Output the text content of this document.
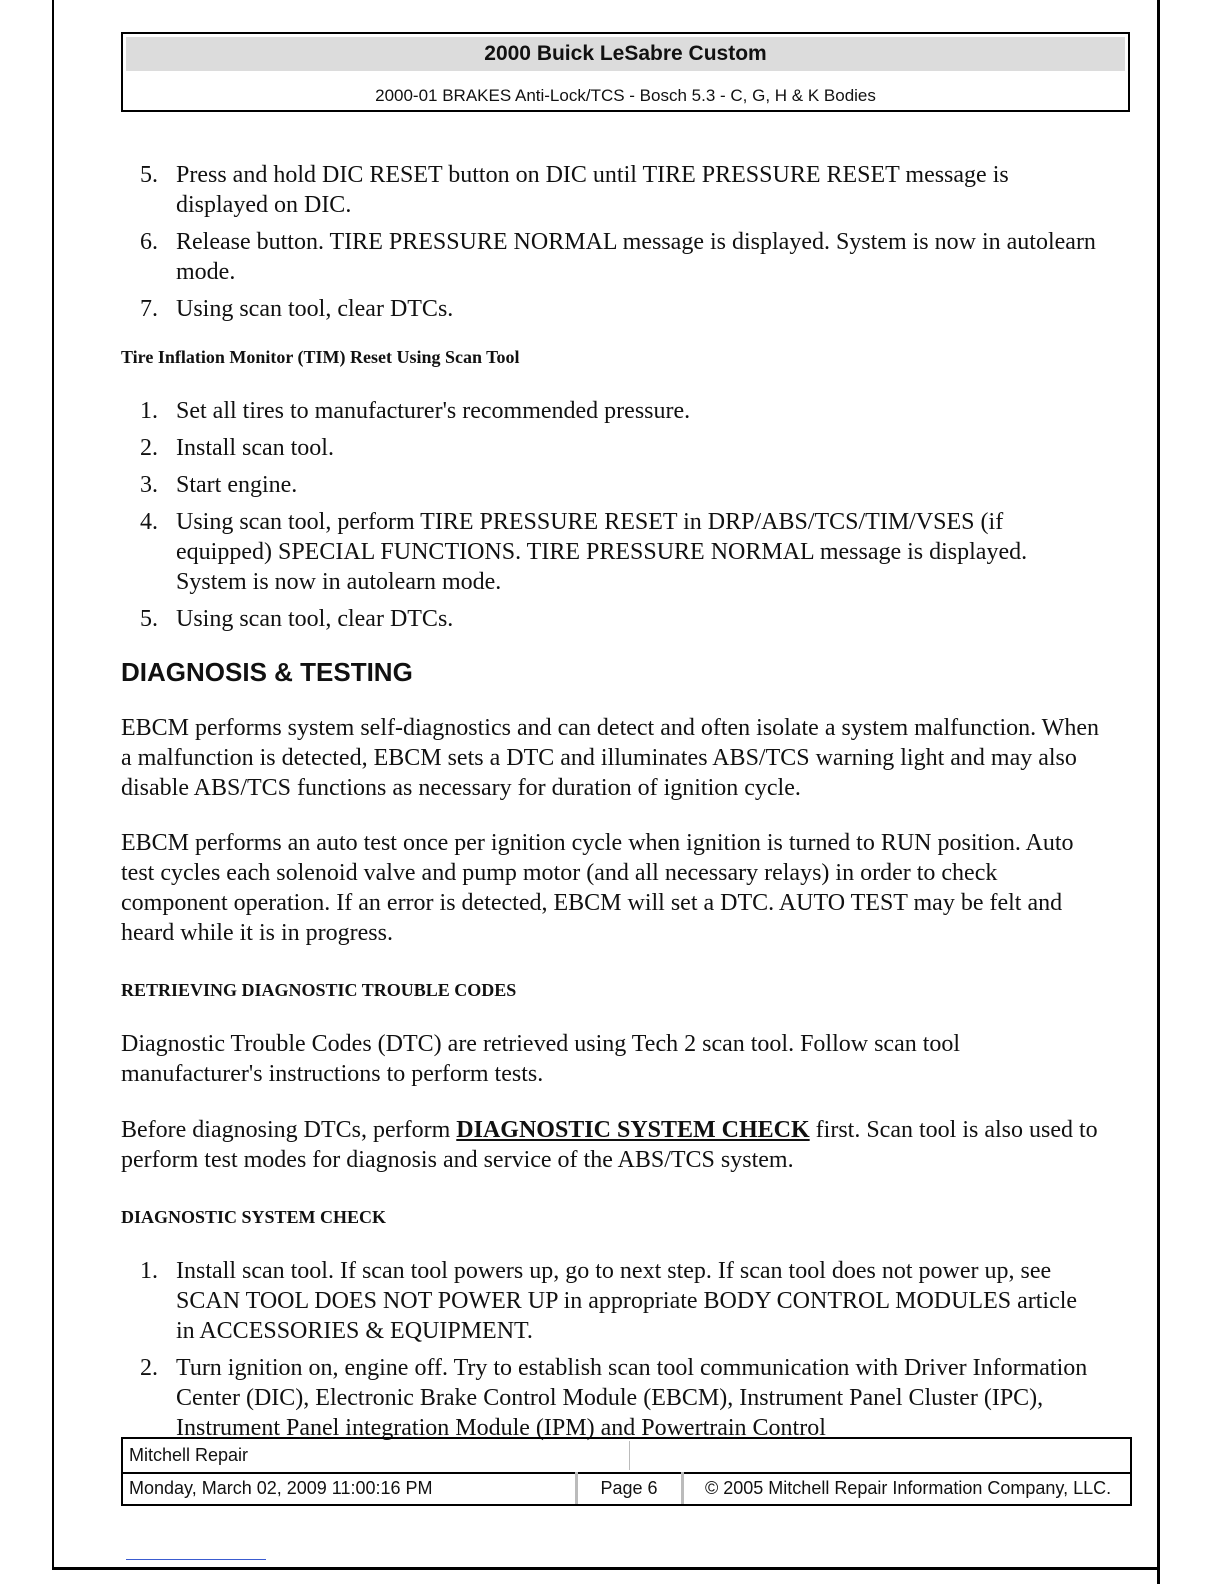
2000 Buick LeSabre Custom
2000-01 BRAKES Anti-Lock/TCS - Bosch 5.3 - C, G, H & K Bodies
5. Press and hold DIC RESET button on DIC until TIRE PRESSURE RESET message is displayed on DIC.
6. Release button. TIRE PRESSURE NORMAL message is displayed. System is now in autolearn mode.
7. Using scan tool, clear DTCs.
Tire Inflation Monitor (TIM) Reset Using Scan Tool
1. Set all tires to manufacturer's recommended pressure.
2. Install scan tool.
3. Start engine.
4. Using scan tool, perform TIRE PRESSURE RESET in DRP/ABS/TCS/TIM/VSES (if equipped) SPECIAL FUNCTIONS. TIRE PRESSURE NORMAL message is displayed. System is now in autolearn mode.
5. Using scan tool, clear DTCs.
DIAGNOSIS & TESTING

EBCM performs system self-diagnostics and can detect and often isolate a system malfunction. When a malfunction is detected, EBCM sets a DTC and illuminates ABS/TCS warning light and may also disable ABS/TCS functions as necessary for duration of ignition cycle.

EBCM performs an auto test once per ignition cycle when ignition is turned to RUN position. Auto test cycles each solenoid valve and pump motor (and all necessary relays) in order to check component operation. If an error is detected, EBCM will set a DTC. AUTO TEST may be felt and heard while it is in progress.

RETRIEVING DIAGNOSTIC TROUBLE CODES

Diagnostic Trouble Codes (DTC) are retrieved using Tech 2 scan tool. Follow scan tool manufacturer's instructions to perform tests.

Before diagnosing DTCs, perform DIAGNOSTIC SYSTEM CHECK first. Scan tool is also used to perform test modes for diagnosis and service of the ABS/TCS system.

DIAGNOSTIC SYSTEM CHECK
1. Install scan tool. If scan tool powers up, go to next step. If scan tool does not power up, see SCAN TOOL DOES NOT POWER UP in appropriate BODY CONTROL MODULES article in ACCESSORIES & EQUIPMENT.
2. Turn ignition on, engine off. Try to establish scan tool communication with Driver Information Center (DIC), Electronic Brake Control Module (EBCM), Instrument Panel Cluster (IPC), Instrument Panel integration Module (IPM) and Powertrain Control
Mitchell Repair
Monday, March 02, 2009 11:00:16 PM	Page 6	© 2005 Mitchell Repair Information Company, LLC.
